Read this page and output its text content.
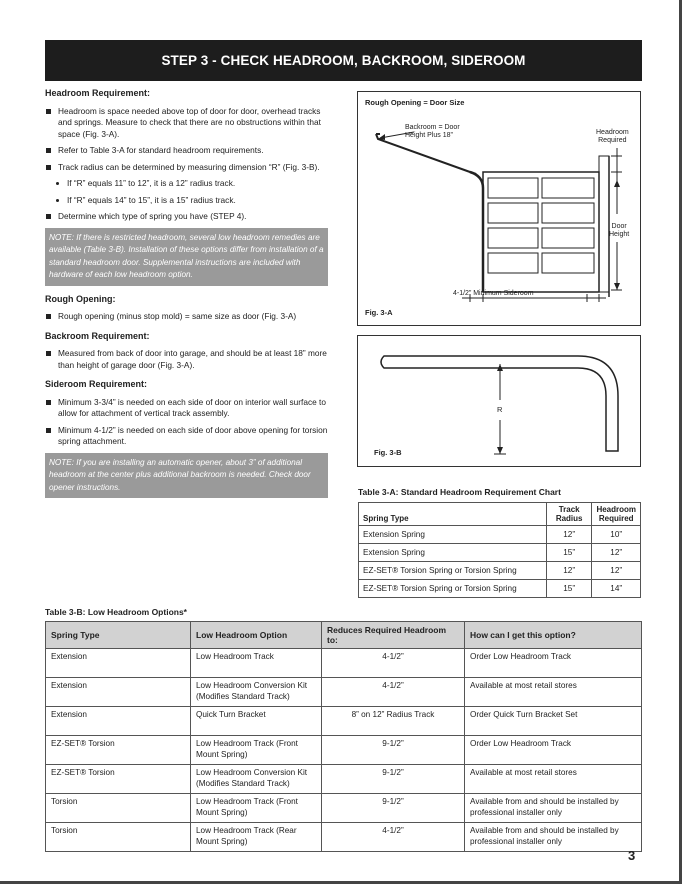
STEP 3 - CHECK HEADROOM, BACKROOM, SIDEROOM
Headroom Requirement:
Headroom is space needed above top of door for door, overhead tracks and springs. Measure to check that there are no obstructions within that space (Fig. 3-A).
Refer to Table 3-A for standard headroom requirements.
Track radius can be determined by measuring dimension “R” (Fig. 3-B).
If “R” equals 11” to 12”, it is a 12” radius track.
If “R” equals 14” to 15”, it is a 15” radius track.
Determine which type of spring you have (STEP 4).
NOTE: If there is restricted headroom, several low headroom remedies are available (Table 3-B). Installation of these options differ from installation of a standard headroom door. Supplemental instructions are included with hardware of each low headroom option.
Rough Opening:
Rough opening (minus stop mold) = same size as door (Fig. 3-A)
Backroom Requirement:
Measured from back of door into garage, and should be at least 18” more than height of garage door (Fig. 3-A).
Sideroom Requirement:
Minimum 3-3/4” is needed on each side of door on interior wall surface to allow for attachment of vertical track assembly.
Minimum 4-1/2” is needed on each side of door above opening for torsion spring attachment.
NOTE: If you are installing an automatic opener, about 3” of additional headroom at the center plus additional backroom is needed. Check door opener instructions.
Rough Opening = Door Size
Backroom = Door
Height Plus 18”	Headroom
Required
Door
Height
4-1/2” Minimum Sideroom
Fig. 3-A
R
Fig. 3-B
Table 3-A: Standard Headroom Requirement Chart
Spring Type	Track Radius	Headroom Required
Extension Spring	12”	10”
Extension Spring	15”	12”
EZ-SET® Torsion Spring or Torsion Spring	12”	12”
EZ-SET® Torsion Spring or Torsion Spring	15”	14”
Table 3-B: Low Headroom Options*
Spring Type	Low Headroom Option	Reduces Required Headroom to:	How can I get this option?
Extension	Low Headroom Track	4-1/2”	Order Low Headroom Track
Extension	Low Headroom Conversion Kit (Modifies Standard Track)	4-1/2”	Available at most retail stores
Extension	Quick Turn Bracket	8” on 12” Radius Track	Order Quick Turn Bracket Set
EZ-SET® Torsion	Low Headroom Track (Front Mount Spring)	9-1/2”	Order Low Headroom Track
EZ-SET® Torsion	Low Headroom Conversion Kit (Modifies Standard Track)	9-1/2”	Available at most retail stores
Torsion	Low Headroom Track (Front Mount Spring)	9-1/2”	Available from and should be installed by professional installer only
Torsion	Low Headroom Track (Rear Mount Spring)	4-1/2”	Available from and should be installed by professional installer only
3
